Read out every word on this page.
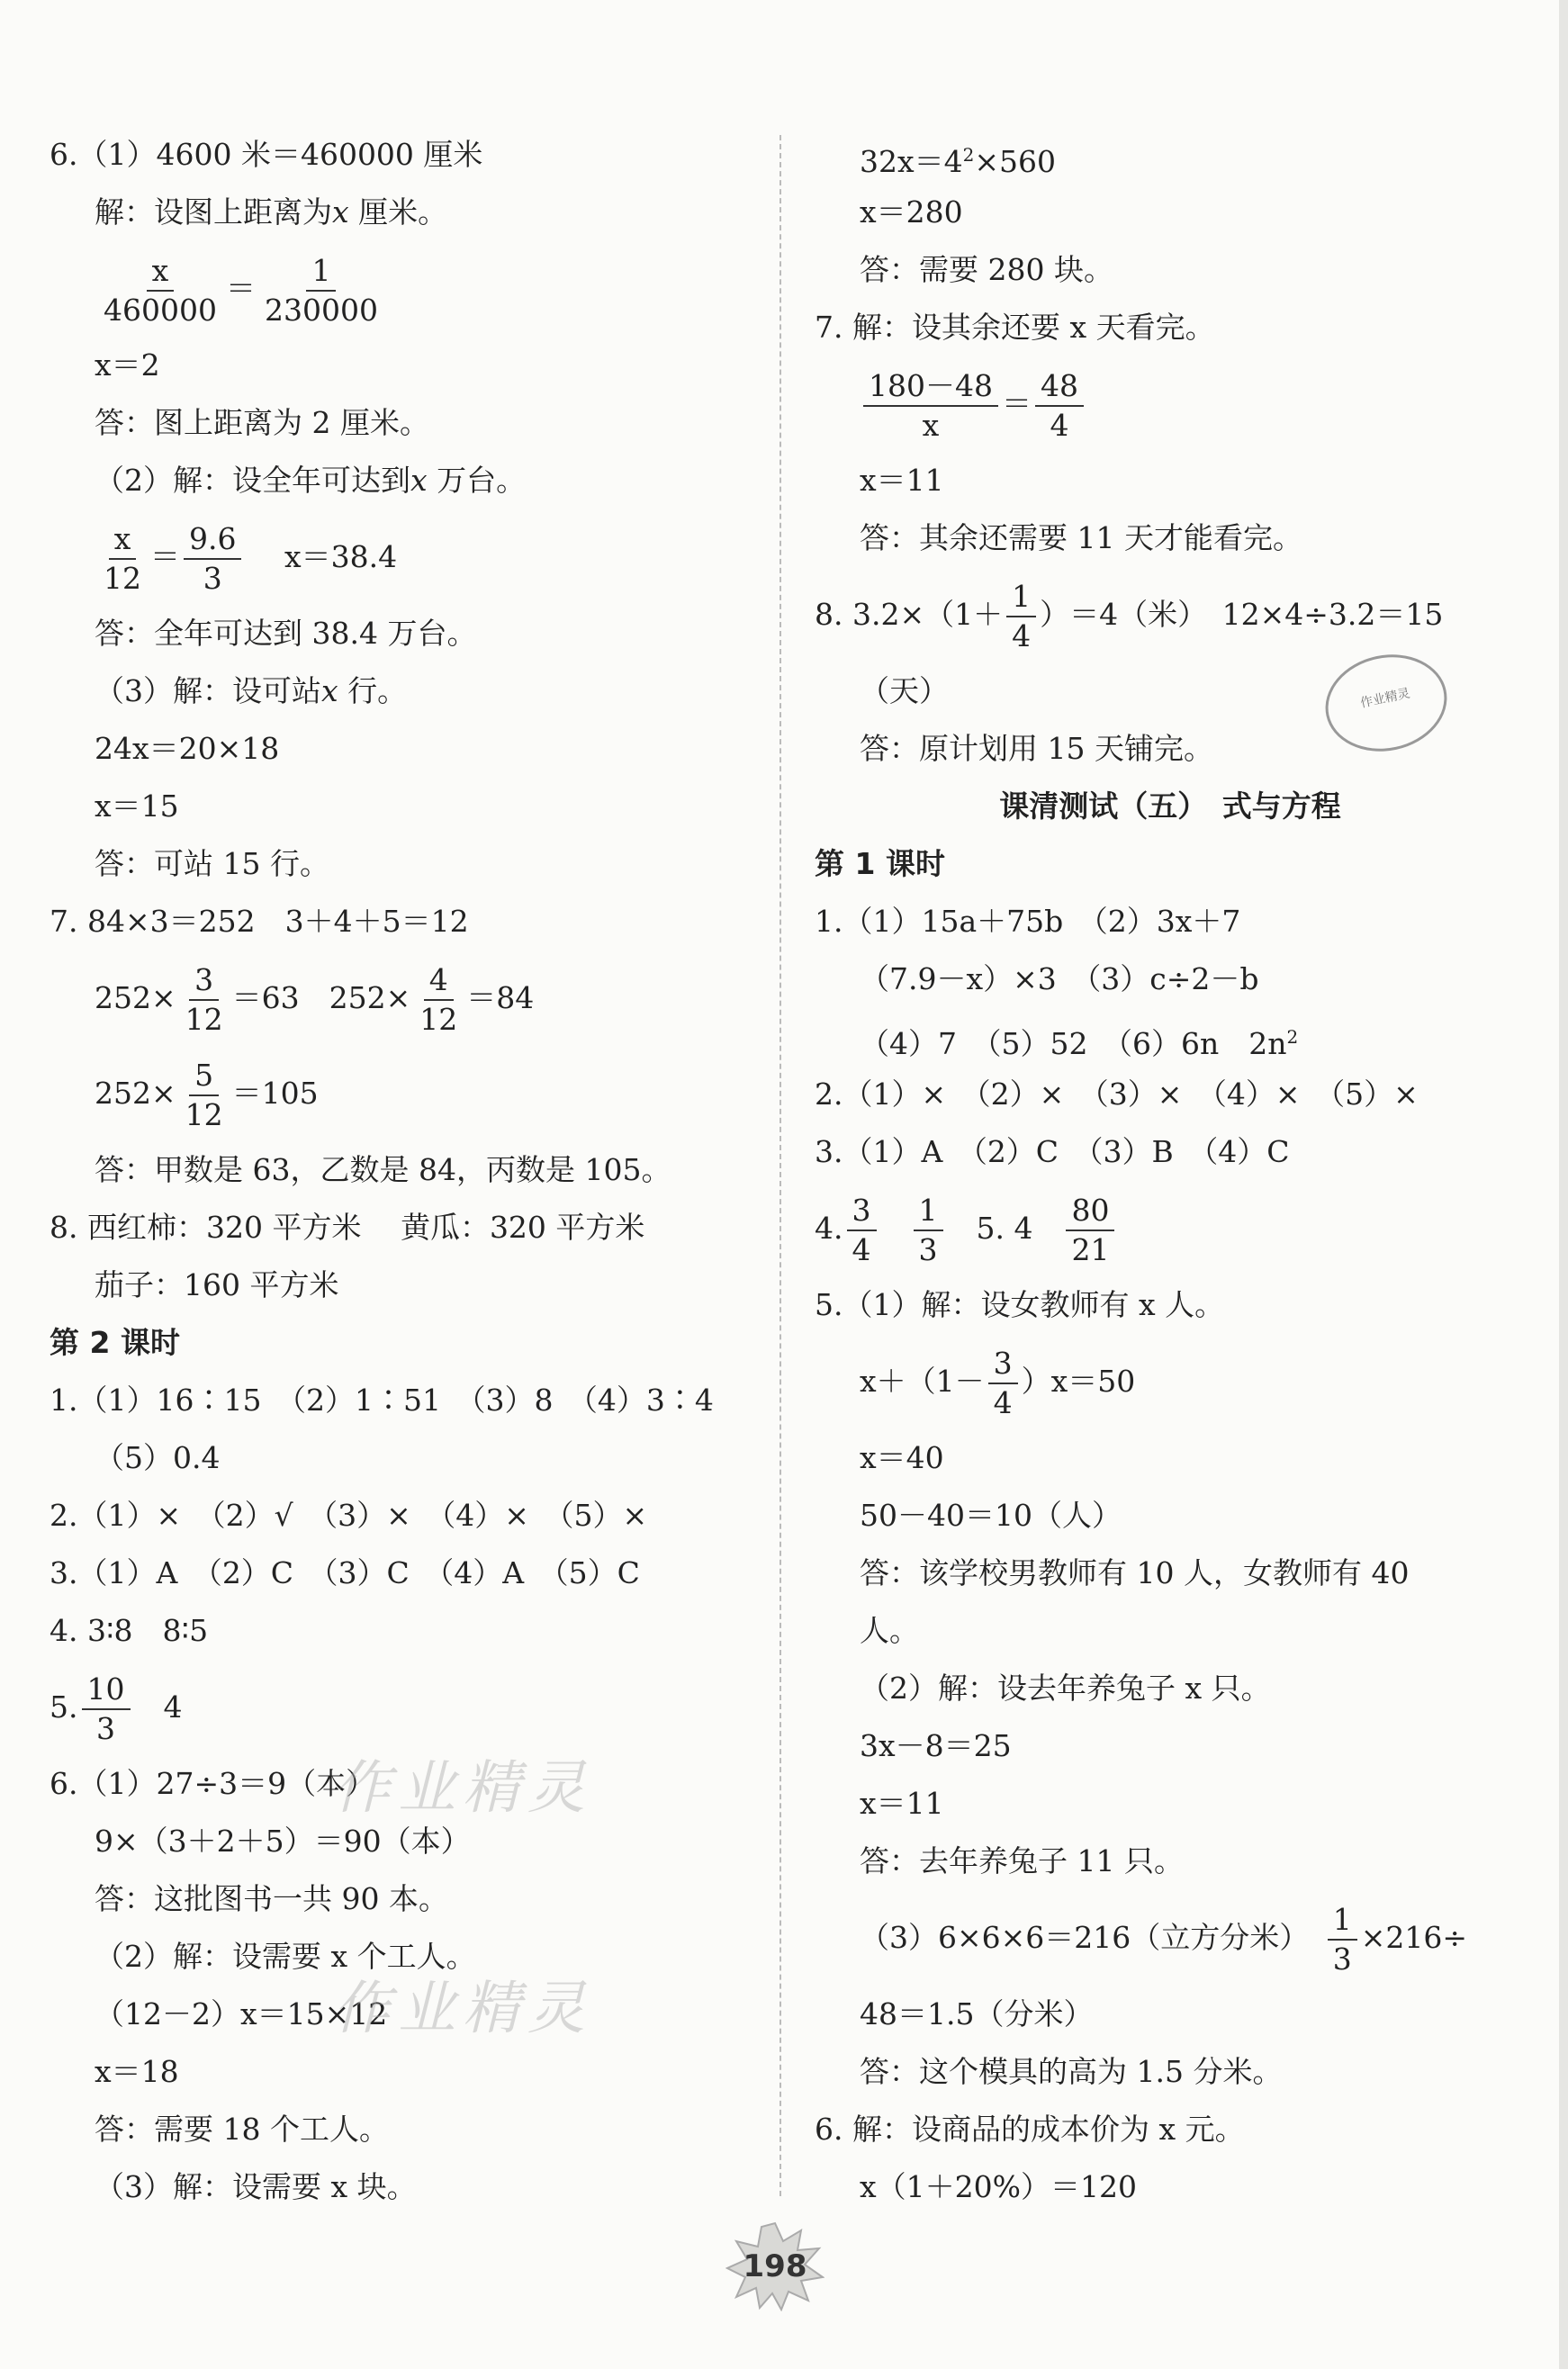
6.（1）4600 米＝460000 厘米
解：设图上距离为x 厘米。
$\frac{x}{460000} = \frac{1}{230000}$
x＝2
答：图上距离为 2 厘米。
（2）解：设全年可达到x 万台。
$\frac{x}{12} = \frac{9.6}{3}$
　 x＝38.4
答：全年可达到 38.4 万台。
（3）解：设可站x 行。
24x＝20×18
x＝15
答：可站 15 行。
7. 84×3＝252　3＋4＋5＝12
$252\times \frac{3}{12} =63$　$252\times \frac{4}{12} =84$
$252\times \frac{5}{12} =105$
答：甲数是 63，乙数是 84，丙数是 105。
8. 西红柿：320 平方米　 黄瓜：320 平方米
茄子：160 平方米
第 2 课时
1.（1）16∶15　（2）1∶51　（3）8　（4）3∶4
（5）0.4
2.（1）×　（2）√　（3）×　（4）×　（5）×
3.（1）A　（2）C　（3）C　（4）A　（5）C
4. 3∶8　8∶5
5. $\frac{10}{3}$ 　4
6.（1）27÷3＝9（本）
9×（3＋2＋5）＝90（本）
答：这批图书一共 90 本。
（2）解：设需要 x 个工人。
（12－2）x＝15×12
x＝18
答：需要 18 个工人。
（3）解：设需要 x 块。
$32x=4^2\times 560$
x＝280
答：需要 280 块。
7. 解：设其余还要 x 天看完。
$\frac{180-48}{x} = \frac{48}{4}$
x＝11
答：其余还需要 11 天才能看完。
8. $3.2\times(1+ \frac{1}{4} )=4$（米）　12×4÷3.2＝15
（天）
答：原计划用 15 天铺完。
课清测试（五）　式与方程
第 1 课时
1.（1）15a＋75b　（2）3x＋7
（7.9－x）×3　（3）c÷2－b
（4）7　（5）52　（6）6n　$2n^2$
2.（1）×　（2）×　（3）×　（4）×　（5）×
3.（1）A　（2）C　（3）B　（4）C
4. $\frac{3}{4}$
　 $\frac{1}{3}$
　 5. 4　 $\frac{80}{21}$
5.（1）解：设女教师有 x 人。
$x+(1- \frac{3}{4} )x=50$
x＝40
50－40＝10（人）
答：该学校男教师有 10 人，女教师有 40
人。
（2）解：设去年养兔子 x 只。
3x－8＝25
x＝11
答：去年养兔子 11 只。
（3）6×6×6＝216（立方分米）　 $\frac{1}{3} \times 216\div$
48＝1.5（分米）
答：这个模具的高为 1.5 分米。
6. 解：设商品的成本价为 x 元。
x（1＋20%）＝120

作业精灵
作业精灵
作业精灵
198
